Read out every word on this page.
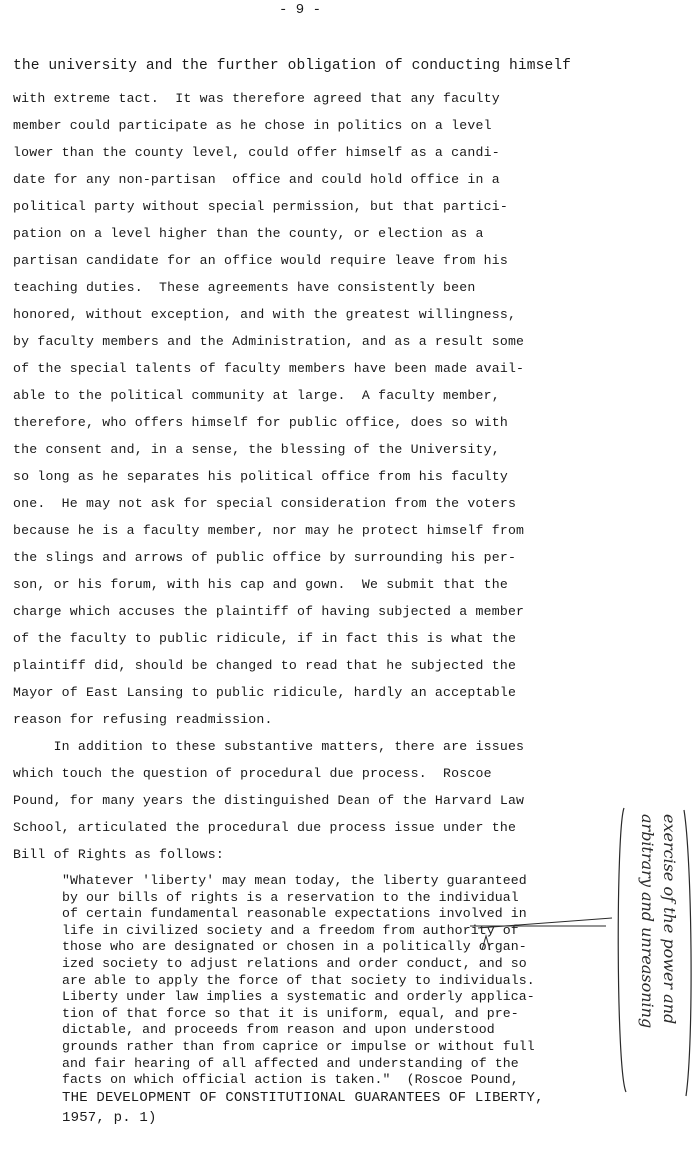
- 9 -
the university and the further obligation of conducting himself
with extreme tact.  It was therefore agreed that any faculty
member could participate as he chose in politics on a level
lower than the county level, could offer himself as a candi-
date for any non-partisan  office and could hold office in a
political party without special permission, but that partici-
pation on a level higher than the county, or election as a
partisan candidate for an office would require leave from his
teaching duties.  These agreements have consistently been
honored, without exception, and with the greatest willingness,
by faculty members and the Administration, and as a result some
of the special talents of faculty members have been made avail-
able to the political community at large.  A faculty member,
therefore, who offers himself for public office, does so with
the consent and, in a sense, the blessing of the University,
so long as he separates his political office from his faculty
one.  He may not ask for special consideration from the voters
because he is a faculty member, nor may he protect himself from
the slings and arrows of public office by surrounding his per-
son, or his forum, with his cap and gown.  We submit that the
charge which accuses the plaintiff of having subjected a member
of the faculty to public ridicule, if in fact this is what the
plaintiff did, should be changed to read that he subjected the
Mayor of East Lansing to public ridicule, hardly an acceptable
reason for refusing readmission.
In addition to these substantive matters, there are issues
which touch the question of procedural due process.  Roscoe
Pound, for many years the distinguished Dean of the Harvard Law
School, articulated the procedural due process issue under the
Bill of Rights as follows:
"Whatever 'liberty' may mean today, the liberty guaranteed
by our bills of rights is a reservation to the individual
of certain fundamental reasonable expectations involved in
life in civilized society and a freedom from authority of
those who are designated or chosen in a politically organ-
ized society to adjust relations and order conduct, and so
are able to apply the force of that society to individuals.
Liberty under law implies a systematic and orderly applica-
tion of that force so that it is uniform, equal, and pre-
dictable, and proceeds from reason and upon understood
grounds rather than from caprice or impulse or without full
and fair hearing of all affected and understanding of the
facts on which official action is taken."  (Roscoe Pound,
THE DEVELOPMENT OF CONSTITUTIONAL GUARANTEES OF LIBERTY,
1957, p. 1)
arbitrary and unreasoning exercise of the power and
